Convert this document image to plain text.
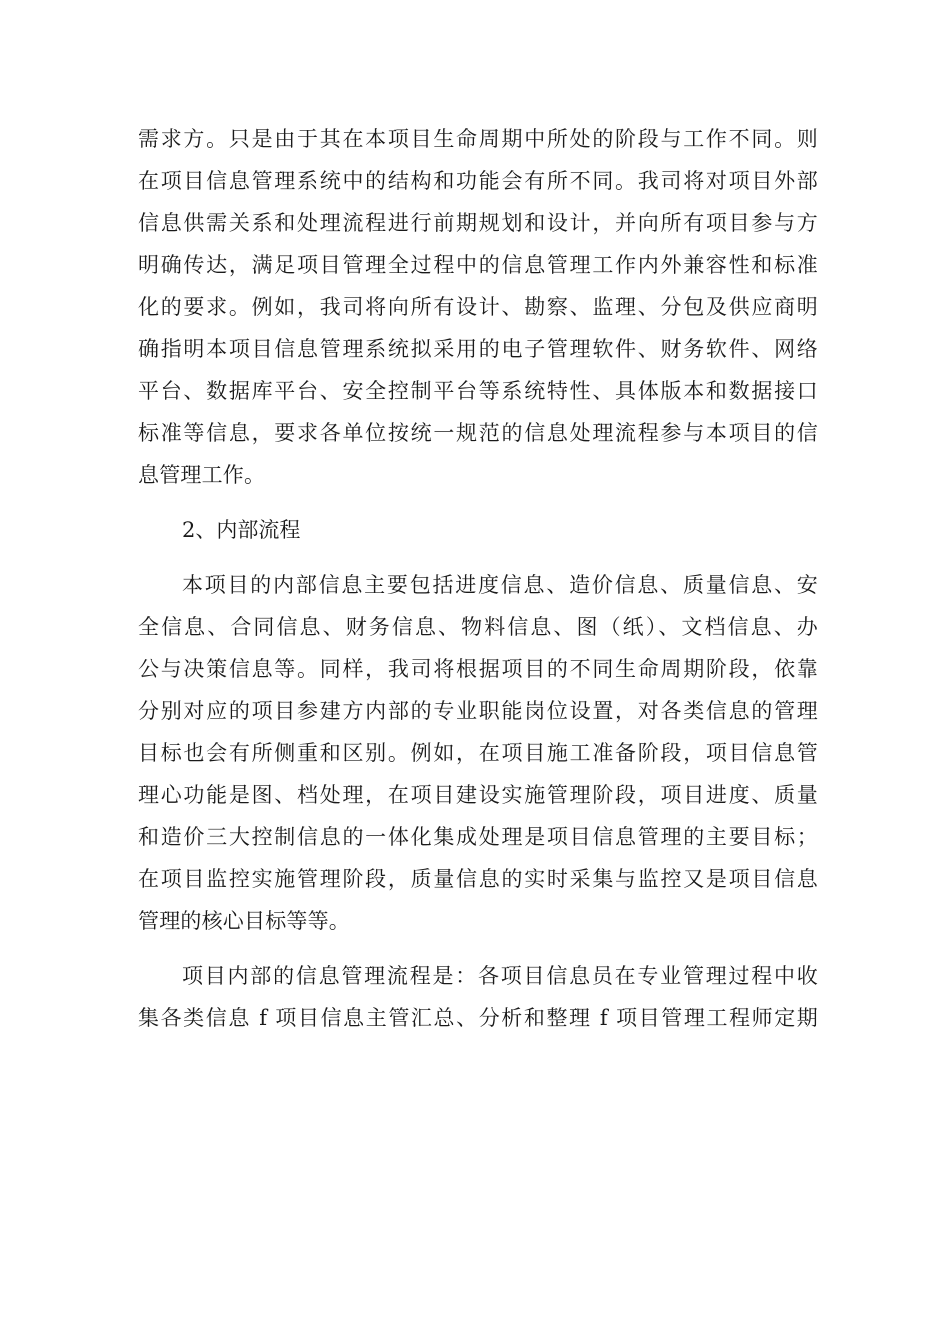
需求方。只是由于其在本项目生命周期中所处的阶段与工作不同。则
在项目信息管理系统中的结构和功能会有所不同。我司将对项目外部
信息供需关系和处理流程进行前期规划和设计，并向所有项目参与方
明确传达，满足项目管理全过程中的信息管理工作内外兼容性和标准
化的要求。例如，我司将向所有设计、勘察、监理、分包及供应商明
确指明本项目信息管理系统拟采用的电子管理软件、财务软件、网络
平台、数据库平台、安全控制平台等系统特性、具体版本和数据接口
标准等信息，要求各单位按统一规范的信息处理流程参与本项目的信
息管理工作。
2、内部流程
本项目的内部信息主要包括进度信息、造价信息、质量信息、安
全信息、合同信息、财务信息、物料信息、图（纸）、文档信息、办
公与决策信息等。同样，我司将根据项目的不同生命周期阶段，依靠
分别对应的项目参建方内部的专业职能岗位设置，对各类信息的管理
目标也会有所侧重和区别。例如，在项目施工准备阶段，项目信息管
理心功能是图、档处理，在项目建设实施管理阶段，项目进度、质量
和造价三大控制信息的一体化集成处理是项目信息管理的主要目标；
在项目监控实施管理阶段，质量信息的实时采集与监控又是项目信息
管理的核心目标等等。
项目内部的信息管理流程是：各项目信息员在专业管理过程中收
集各类信息 f 项目信息主管汇总、分析和整理 f 项目管理工程师定期
